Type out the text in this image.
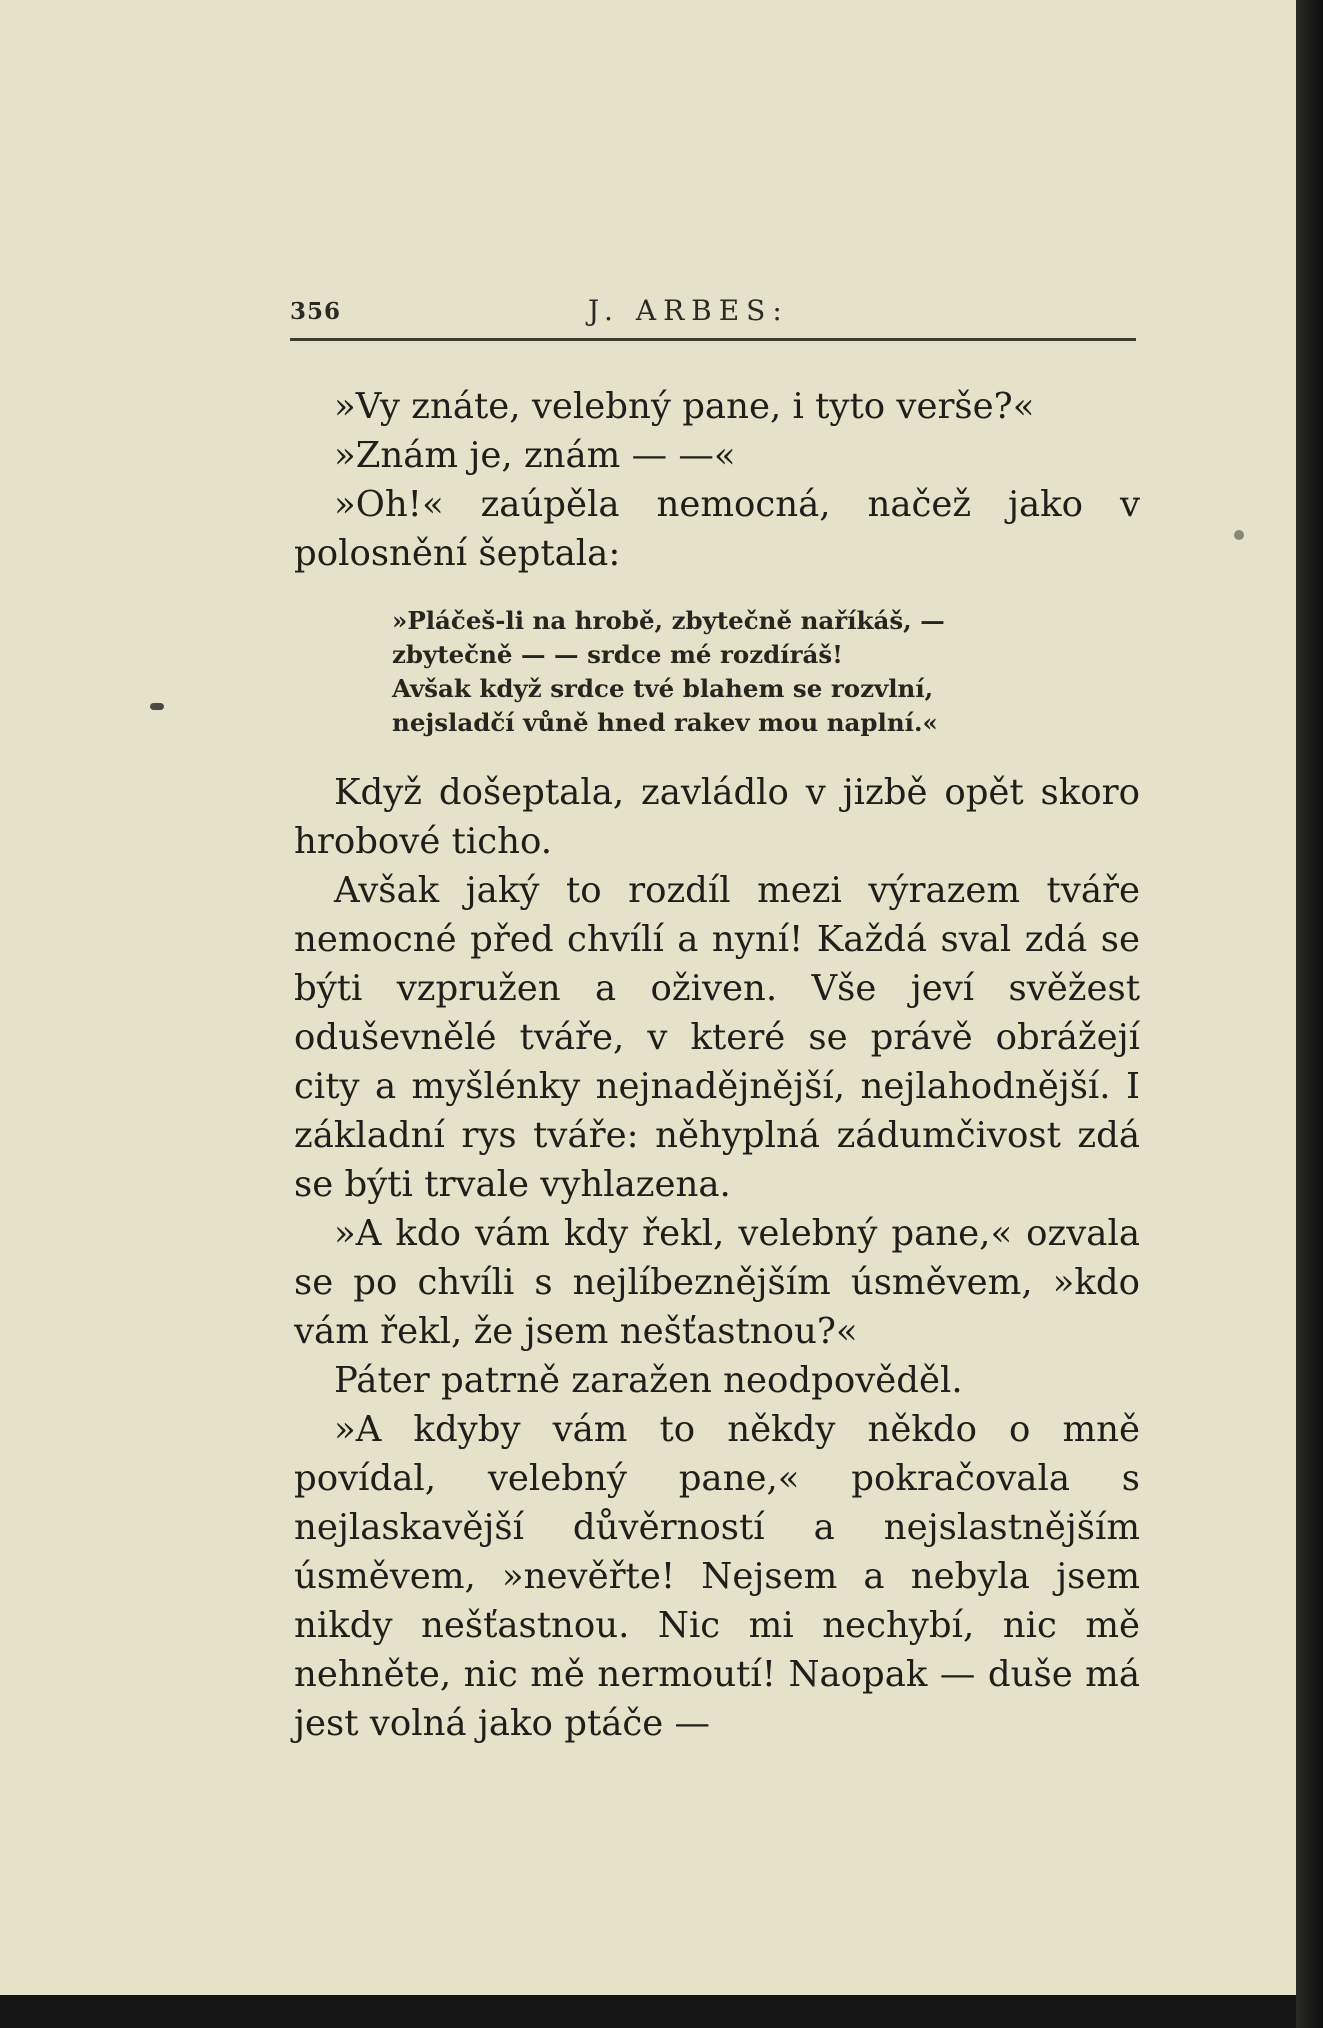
356	J. ARBES:

»Vy znáte, velebný pane, i tyto verše?«

»Znám je, znám — —«

»Oh!« zaúpěla nemocná, načež jako v polosnění šeptala:

»Pláčeš-li na hrobě, zbytečně naříkáš, —
zbytečně — — srdce mé rozdíráš!
Avšak když srdce tvé blahem se rozvlní,
nejsladčí vůně hned rakev mou naplní.«

Když došeptala, zavládlo v jizbě opět skoro hrobové ticho.

Avšak jaký to rozdíl mezi výrazem tváře nemocné před chvílí a nyní! Každá sval zdá se býti vzpružen a oživen. Vše jeví svěžest oduševnělé tváře, v které se právě obrážejí city a myšlénky nejnadějnější, nejlahodnější. I základní rys tváře: něhyplná zádumčivost zdá se býti trvale vyhlazena.

»A kdo vám kdy řekl, velebný pane,« ozvala se po chvíli s nejlíbeznějším úsměvem, »kdo vám řekl, že jsem nešťastnou?«

Páter patrně zaražen neodpověděl.

»A kdyby vám to někdy někdo o mně povídal, velebný pane,« pokračovala s nejlaskavější důvěrností a nejslastnějším úsměvem, »nevěřte! Nejsem a nebyla jsem nikdy nešťastnou. Nic mi nechybí, nic mě nehněte, nic mě nermoutí! Naopak — duše má jest volná jako ptáče —
